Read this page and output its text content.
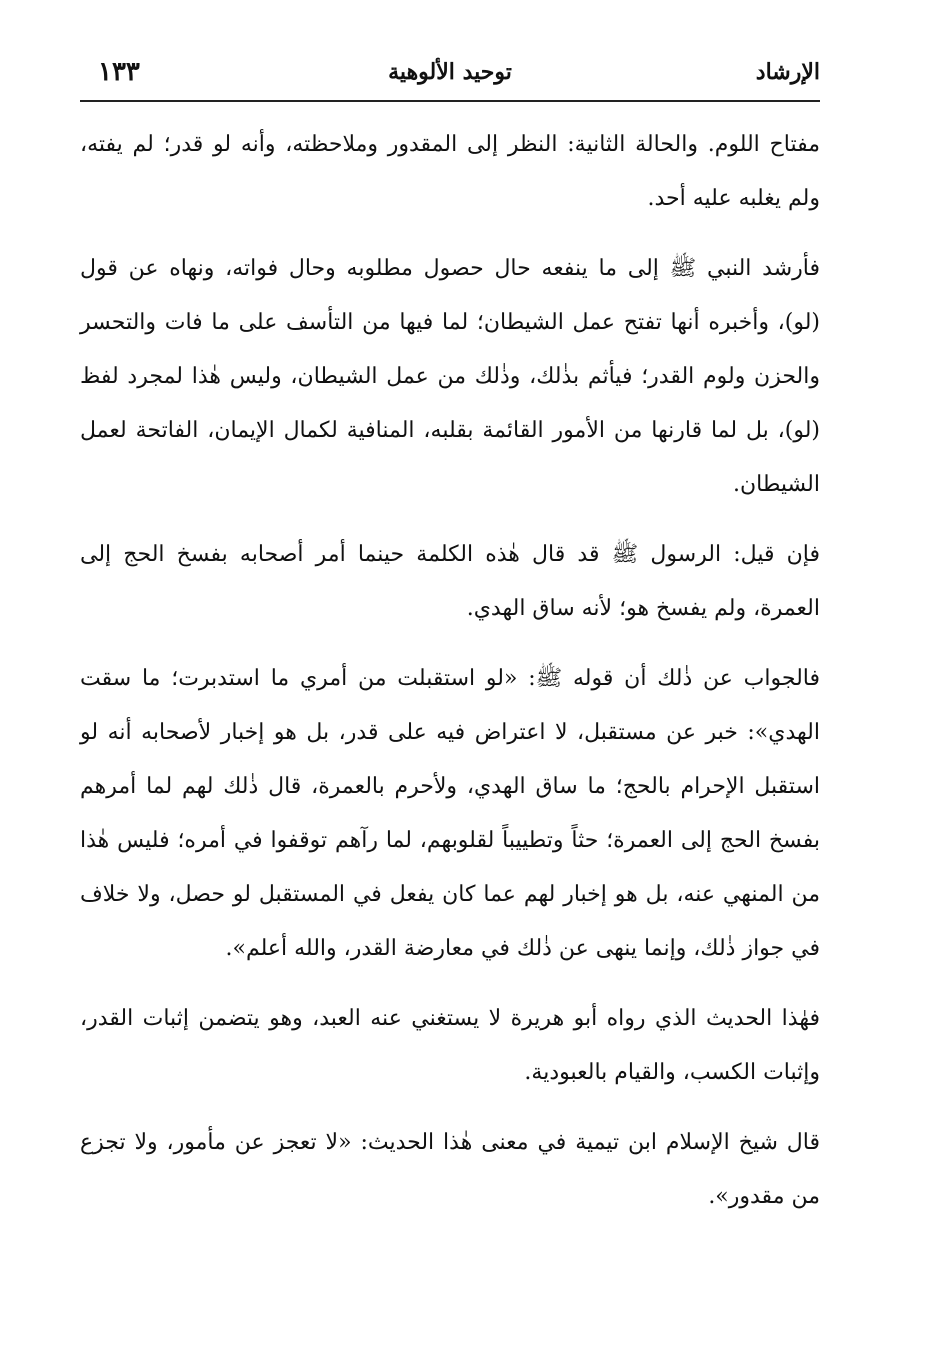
الإرشاد
توحيد الألوهية
١٣٣

مفتاح اللوم. والحالة الثانية: النظر إلى المقدور وملاحظته، وأنه لو قدر؛ لم يفته، ولم يغلبه عليه أحد.

فأرشد النبي ﷺ إلى ما ينفعه حال حصول مطلوبه وحال فواته، ونهاه عن قول (لو)، وأخبره أنها تفتح عمل الشيطان؛ لما فيها من التأسف على ما فات والتحسر والحزن ولوم القدر؛ فيأثم بذٰلك، وذٰلك من عمل الشيطان، وليس هٰذا لمجرد لفظ (لو)، بل لما قارنها من الأمور القائمة بقلبه، المنافية لكمال الإيمان، الفاتحة لعمل الشيطان.

فإن قيل: الرسول ﷺ قد قال هٰذه الكلمة حينما أمر أصحابه بفسخ الحج إلى العمرة، ولم يفسخ هو؛ لأنه ساق الهدي.

فالجواب عن ذٰلك أن قوله ﷺ: «لو استقبلت من أمري ما استدبرت؛ ما سقت الهدي»: خبر عن مستقبل، لا اعتراض فيه على قدر، بل هو إخبار لأصحابه أنه لو استقبل الإحرام بالحج؛ ما ساق الهدي، ولأحرم بالعمرة، قال ذٰلك لهم لما أمرهم بفسخ الحج إلى العمرة؛ حثاً وتطييباً لقلوبهم، لما رآهم توقفوا في أمره؛ فليس هٰذا من المنهي عنه، بل هو إخبار لهم عما كان يفعل في المستقبل لو حصل، ولا خلاف في جواز ذٰلك، وإنما ينهى عن ذٰلك في معارضة القدر، والله أعلم».

فهٰذا الحديث الذي رواه أبو هريرة لا يستغني عنه العبد، وهو يتضمن إثبات القدر، وإثبات الكسب، والقيام بالعبودية.

قال شيخ الإسلام ابن تيمية في معنى هٰذا الحديث: «لا تعجز عن مأمور، ولا تجزع من مقدور».
